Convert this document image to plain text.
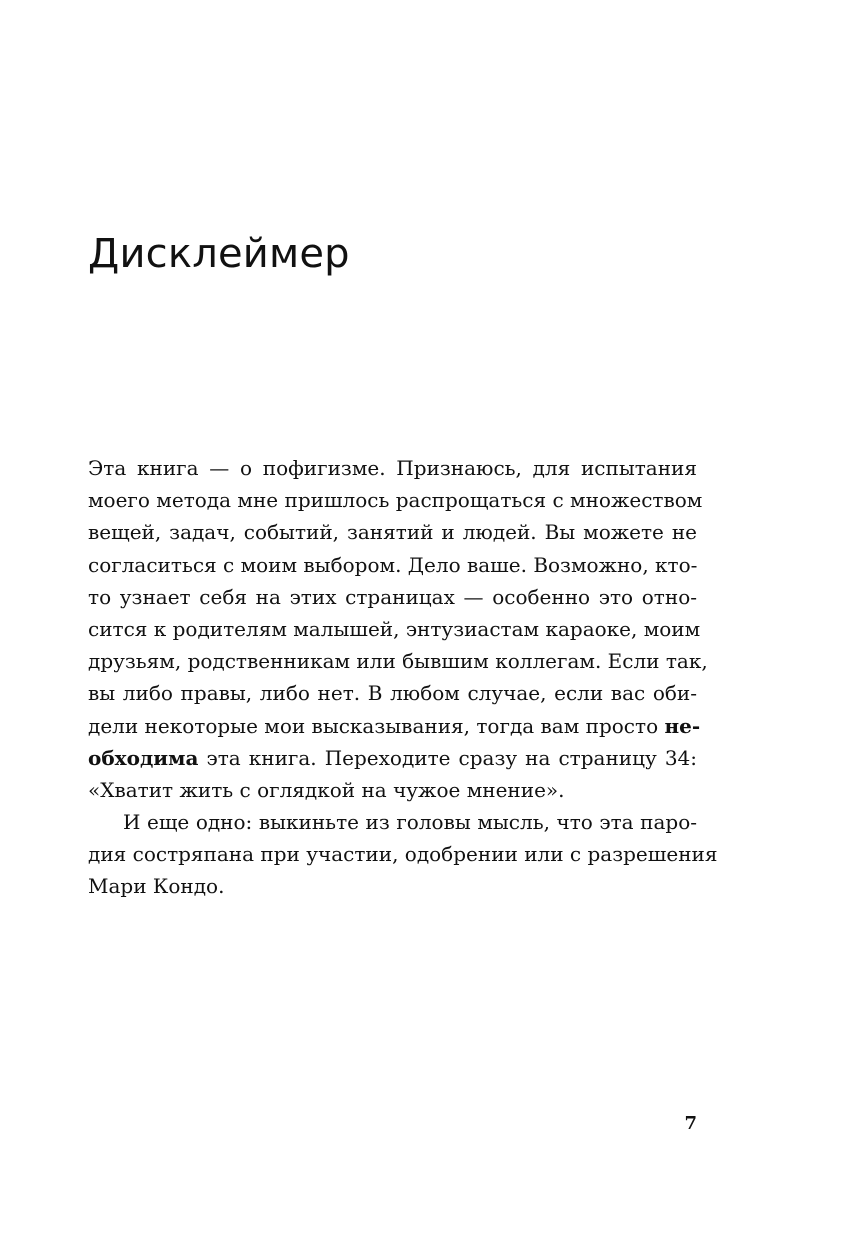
Дисклеймер
Эта книга — о пофигизме. Признаюсь, для испытания
моего метода мне пришлось распрощаться с множеством
вещей, задач, событий, занятий и людей. Вы можете не
согласиться с моим выбором. Дело ваше. Возможно, кто-
то узнает себя на этих страницах — особенно это отно-
сится к родителям малышей, энтузиастам караоке, моим
друзьям, родственникам или бывшим коллегам. Если так,
вы либо правы, либо нет. В любом случае, если вас оби-
дели некоторые мои высказывания, тогда вам просто не-
обходима эта книга. Переходите сразу на страницу 34:
«Хватит жить с оглядкой на чужое мнение».
И еще одно: выкиньте из головы мысль, что эта паро-
дия состряпана при участии, одобрении или с разрешения
Мари Кондо.
7
